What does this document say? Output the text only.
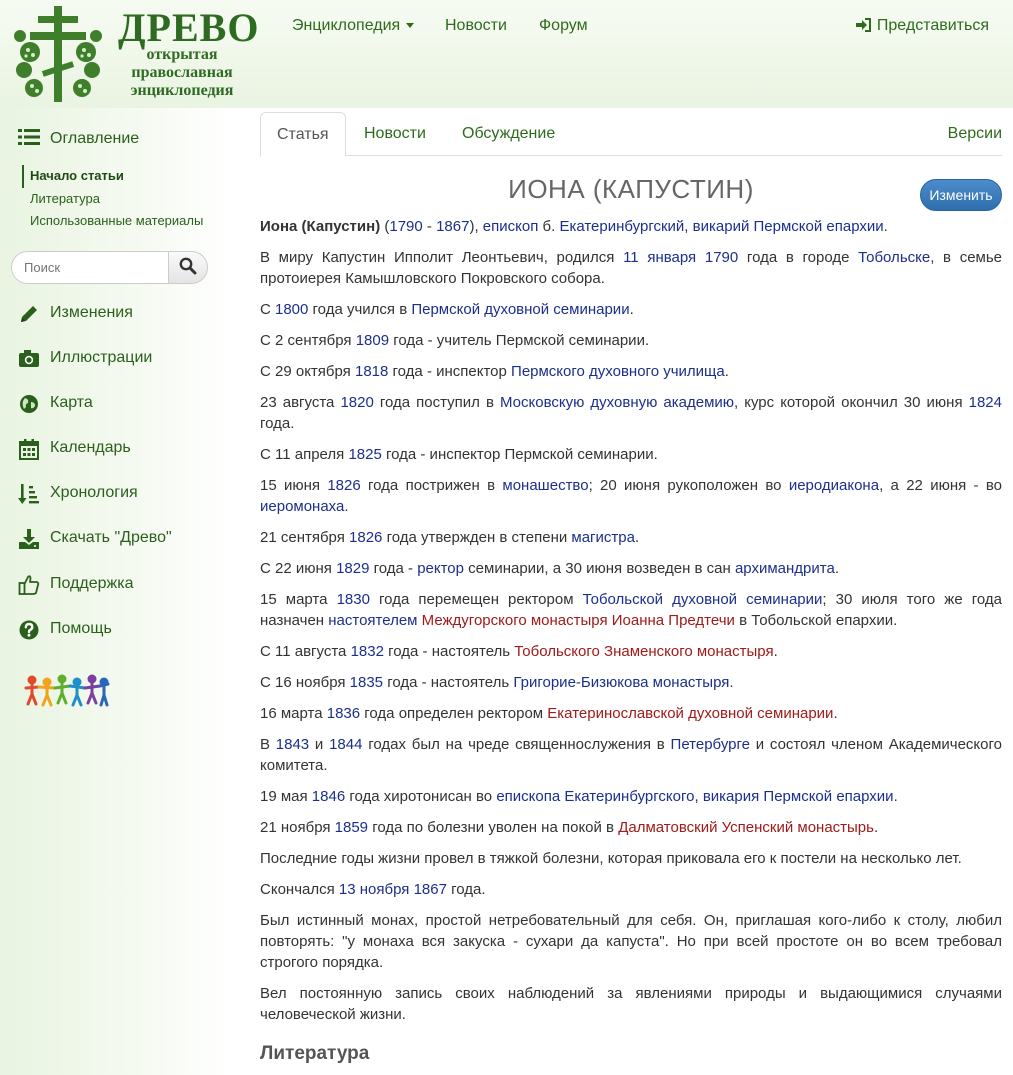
ДРЕВО
открытая
православная
энциклопедия
Энциклопедия	Новости Форум	Представиться
Оглавление
Начало статьи
Литература
Использованные материалы
Поиск
Изменения
Иллюстрации
Карта
Календарь
Хронология
Скачать "Древо"
Поддержка
Помощь
Статья	Новости	Обсуждение	Версии
ИОНА (КАПУСТИН)	Изменить

Иона (Капустин) (1790 - 1867), епископ б. Екатеринбургский, викарий Пермской епархии.

В миру Капустин Ипполит Леонтьевич, родился 11 января 1790 года в городе Тобольске, в семье протоиерея Камышловского Покровского собора.

С 1800 года учился в Пермской духовной семинарии.

С 2 сентября 1809 года - учитель Пермской семинарии.

С 29 октября 1818 года - инспектор Пермского духовного училища.

23 августа 1820 года поступил в Московскую духовную академию, курс которой окончил 30 июня 1824 года.

С 11 апреля 1825 года - инспектор Пермской семинарии.

15 июня 1826 года пострижен в монашество; 20 июня рукоположен во иеродиакона, а 22 июня - во иеромонаха.

21 сентября 1826 года утвержден в степени магистра.

С 22 июня 1829 года - ректор семинарии, а 30 июня возведен в сан архимандрита.

15 марта 1830 года перемещен ректором Тобольской духовной семинарии; 30 июля того же года назначен настоятелем Междугорского монастыря Иоанна Предтечи в Тобольской епархии.

С 11 августа 1832 года - настоятель Тобольского Знаменского монастыря.

С 16 ноября 1835 года - настоятель Григорие-Бизюкова монастыря.

16 марта 1836 года определен ректором Екатеринославской духовной семинарии.

В 1843 и 1844 годах был на чреде священнослужения в Петербурге и состоял членом Академического комитета.

19 мая 1846 года хиротонисан во епископа Екатеринбургского, викария Пермской епархии.

21 ноября 1859 года по болезни уволен на покой в Далматовский Успенский монастырь.

Последние годы жизни провел в тяжкой болезни, которая приковала его к постели на несколько лет.

Скончался 13 ноября 1867 года.

Был истинный монах, простой нетребовательный для себя. Он, приглашая кого-либо к столу, любил повторять: "у монаха вся закуска - сухари да капуста". Но при всей простоте он во всем требовал строгого порядка.

Вел постоянную запись своих наблюдений за явлениями природы и выдающимися случаями человеческой жизни.

Литература
